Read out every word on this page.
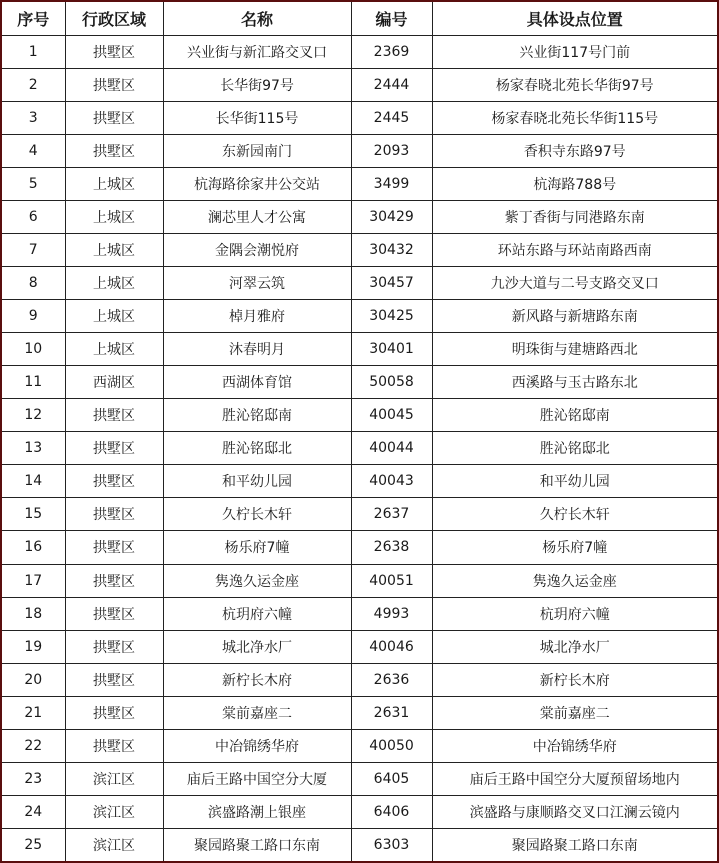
序号	行政区域	名称	编号	具体设点位置
1	拱墅区	兴业街与新汇路交叉口	2369	兴业街117号门前
2	拱墅区	长华街97号	2444	杨家春晓北苑长华街97号
3	拱墅区	长华街115号	2445	杨家春晓北苑长华街115号
4	拱墅区	东新园南门	2093	香积寺东路97号
5	上城区	杭海路徐家井公交站	3499	杭海路788号
6	上城区	澜芯里人才公寓	30429	紫丁香街与同港路东南
7	上城区	金隅会潮悦府	30432	环站东路与环站南路西南
8	上城区	河翠云筑	30457	九沙大道与二号支路交叉口
9	上城区	棹月雅府	30425	新风路与新塘路东南
10	上城区	沐春明月	30401	明珠街与建塘路西北
11	西湖区	西湖体育馆	50058	西溪路与玉古路东北
12	拱墅区	胜沁铭邸南	40045	胜沁铭邸南
13	拱墅区	胜沁铭邸北	40044	胜沁铭邸北
14	拱墅区	和平幼儿园	40043	和平幼儿园
15	拱墅区	久柠长木轩	2637	久柠长木轩
16	拱墅区	杨乐府7幢	2638	杨乐府7幢
17	拱墅区	隽逸久运金座	40051	隽逸久运金座
18	拱墅区	杭玥府六幢	4993	杭玥府六幢
19	拱墅区	城北净水厂	40046	城北净水厂
20	拱墅区	新柠长木府	2636	新柠长木府
21	拱墅区	棠前嘉座二	2631	棠前嘉座二
22	拱墅区	中冶锦绣华府	40050	中冶锦绣华府
23	滨江区	庙后王路中国空分大厦	6405	庙后王路中国空分大厦预留场地内
24	滨江区	滨盛路潮上银座	6406	滨盛路与康顺路交叉口江澜云镜内
25	滨江区	聚园路聚工路口东南	6303	聚园路聚工路口东南
